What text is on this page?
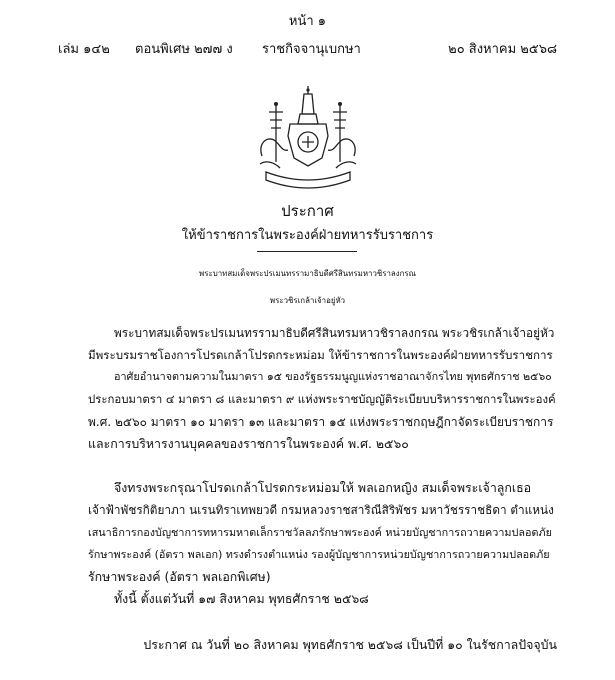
หน้า ๑
เล่ม ๑๔๒ ตอนพิเศษ ๒๗๗ ง ราชกิจจานุเบกษา	๒๐ สิงหาคม ๒๕๖๘
ประกาศ
ให้ข้าราชการในพระองค์ฝ่ายทหารรับราชการ
พระบาทสมเด็จพระปรเมนทรรามาธิบดีศรีสินทรมหาวชิราลงกรณ
พระวชิรเกล้าเจ้าอยู่หัว
พระบาทสมเด็จพระปรเมนทรรามาธิบดีศรีสินทรมหาวชิราลงกรณ พระวชิรเกล้าเจ้าอยู่หัว
มีพระบรมราชโองการโปรดเกล้าโปรดกระหม่อม ให้ข้าราชการในพระองค์ฝ่ายทหารรับราชการ
อาศัยอำนาจตามความในมาตรา ๑๕ ของรัฐธรรมนูญแห่งราชอาณาจักรไทย พุทธศักราช ๒๕๖๐
ประกอบมาตรา ๔ มาตรา ๘ และมาตรา ๙ แห่งพระราชบัญญัติระเบียบบริหารราชการในพระองค์
พ.ศ. ๒๕๖๐ มาตรา ๑๐ มาตรา ๑๓ และมาตรา ๑๕ แห่งพระราชกฤษฎีกาจัดระเบียบราชการ
และการบริหารงานบุคคลของราชการในพระองค์ พ.ศ. ๒๕๖๐
จึงทรงพระกรุณาโปรดเกล้าโปรดกระหม่อมให้ พลเอกหญิง สมเด็จพระเจ้าลูกเธอ
เจ้าฟ้าพัชรกิติยาภา นเรนทิราเทพยวดี กรมหลวงราชสาริณีสิริพัชร มหาวัชรราชธิดา ตำแหน่ง
เสนาธิการกองบัญชาการทหารมหาดเล็กราชวัลลภรักษาพระองค์ หน่วยบัญชาการถวายความปลอดภัย
รักษาพระองค์ (อัตรา พลเอก) ทรงดำรงตำแหน่ง รองผู้บัญชาการหน่วยบัญชาการถวายความปลอดภัย
รักษาพระองค์ (อัตรา พลเอกพิเศษ)
ทั้งนี้ ตั้งแต่วันที่ ๑๗ สิงหาคม พุทธศักราช ๒๕๖๘
ประกาศ ณ วันที่ ๒๐ สิงหาคม พุทธศักราช ๒๕๖๘ เป็นปีที่ ๑๐ ในรัชกาลปัจจุบัน
